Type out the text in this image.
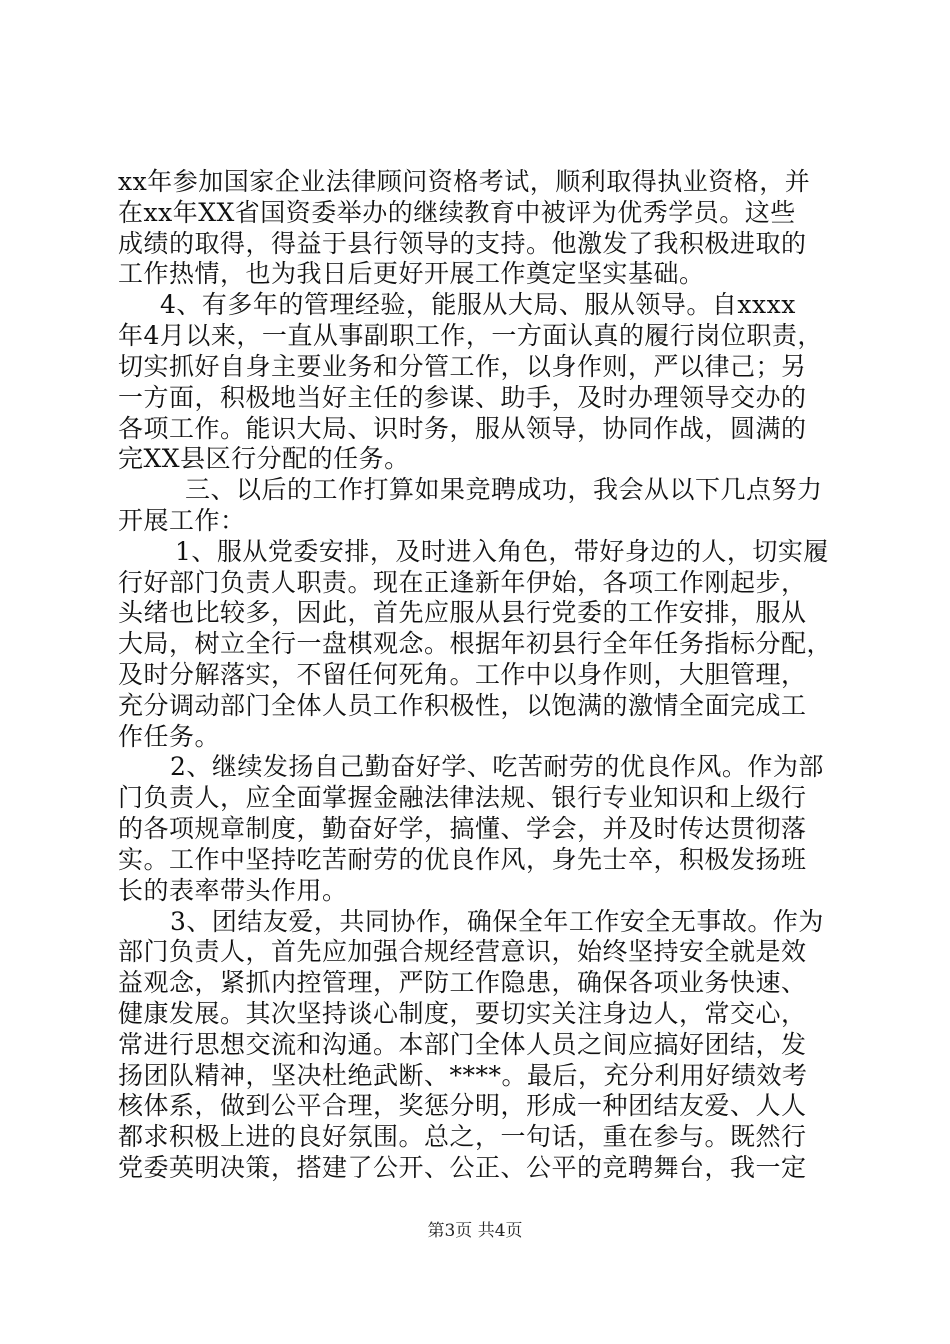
xx年参加国家企业法律顾问资格考试，顺利取得执业资格，并
在xx年XX省国资委举办的继续教育中被评为优秀学员。这些
成绩的取得，得益于县行领导的支持。他激发了我积极进取的
工作热情，也为我日后更好开展工作奠定坚实基础。
4、有多年的管理经验，能服从大局、服从领导。自xxxx
年4月以来，一直从事副职工作，一方面认真的履行岗位职责，
切实抓好自身主要业务和分管工作，以身作则，严以律己；另
一方面，积极地当好主任的参谋、助手，及时办理领导交办的
各项工作。能识大局、识时务，服从领导，协同作战，圆满的
完XX县区行分配的任务。
三、以后的工作打算如果竞聘成功，我会从以下几点努力
开展工作：
1、服从党委安排，及时进入角色，带好身边的人，切实履
行好部门负责人职责。现在正逢新年伊始，各项工作刚起步，
头绪也比较多，因此，首先应服从县行党委的工作安排，服从
大局，树立全行一盘棋观念。根据年初县行全年任务指标分配，
及时分解落实，不留任何死角。工作中以身作则，大胆管理，
充分调动部门全体人员工作积极性，以饱满的激情全面完成工
作任务。
2、继续发扬自己勤奋好学、吃苦耐劳的优良作风。作为部
门负责人，应全面掌握金融法律法规、银行专业知识和上级行
的各项规章制度，勤奋好学，搞懂、学会，并及时传达贯彻落
实。工作中坚持吃苦耐劳的优良作风，身先士卒，积极发扬班
长的表率带头作用。
3、团结友爱，共同协作，确保全年工作安全无事故。作为
部门负责人，首先应加强合规经营意识，始终坚持安全就是效
益观念，紧抓内控管理，严防工作隐患，确保各项业务快速、
健康发展。其次坚持谈心制度，要切实关注身边人，常交心，
常进行思想交流和沟通。本部门全体人员之间应搞好团结，发
扬团队精神，坚决杜绝武断、****。最后，充分利用好绩效考
核体系，做到公平合理，奖惩分明，形成一种团结友爱、人人
都求积极上进的良好氛围。总之，一句话，重在参与。既然行
党委英明决策，搭建了公开、公正、公平的竞聘舞台，我一定
第3页 共4页
